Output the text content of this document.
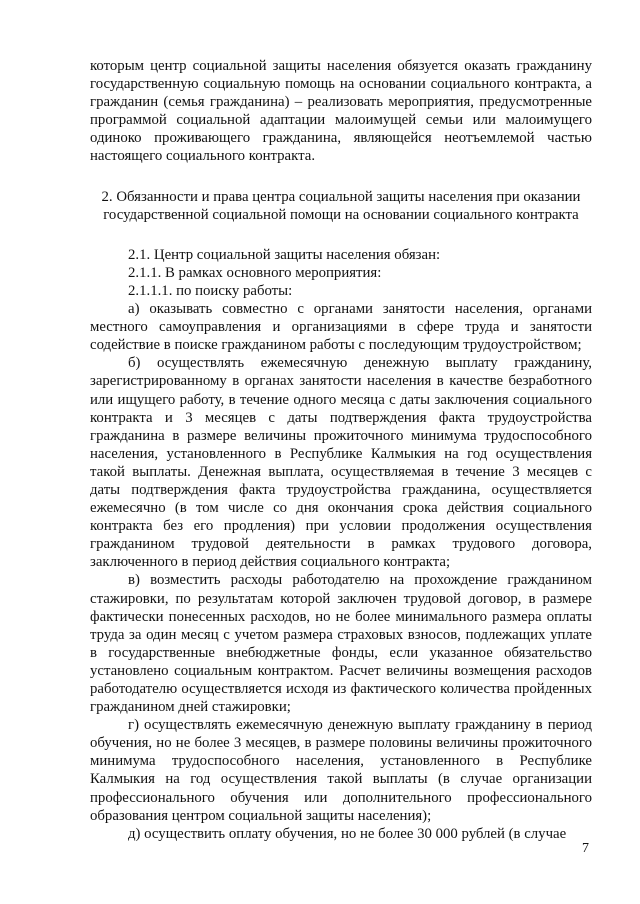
которым центр социальной защиты населения обязуется оказать гражданину государственную социальную помощь на основании социального контракта, а гражданин (семья гражданина) – реализовать мероприятия, предусмотренные программой социальной адаптации малоимущей семьи или малоимущего одиноко проживающего гражданина, являющейся неотъемлемой частью настоящего социального контракта.

2. Обязанности и права центра социальной защиты населения при оказании государственной социальной помощи на основании социального контракта

2.1. Центр социальной защиты населения обязан:

2.1.1. В рамках основного мероприятия:

2.1.1.1. по поиску работы:

а) оказывать совместно с органами занятости населения, органами местного самоуправления и организациями в сфере труда и занятости содействие в поиске гражданином работы с последующим трудоустройством;

б) осуществлять ежемесячную денежную выплату гражданину, зарегистрированному в органах занятости населения в качестве безработного или ищущего работу, в течение одного месяца с даты заключения социального контракта и 3 месяцев с даты подтверждения факта трудоустройства гражданина в размере величины прожиточного минимума трудоспособного населения, установленного в Республике Калмыкия на год осуществления такой выплаты. Денежная выплата, осуществляемая в течение 3 месяцев с даты подтверждения факта трудоустройства гражданина, осуществляется ежемесячно (в том числе со дня окончания срока действия социального контракта без его продления) при условии продолжения осуществления гражданином трудовой деятельности в рамках трудового договора, заключенного в период действия социального контракта;

в) возместить расходы работодателю на прохождение гражданином стажировки, по результатам которой заключен трудовой договор, в размере фактически понесенных расходов, но не более минимального размера оплаты труда за один месяц с учетом размера страховых взносов, подлежащих уплате в государственные внебюджетные фонды, если указанное обязательство установлено социальным контрактом. Расчет величины возмещения расходов работодателю осуществляется исходя из фактического количества пройденных гражданином дней стажировки;

г) осуществлять ежемесячную денежную выплату гражданину в период обучения, но не более 3 месяцев, в размере половины величины прожиточного минимума трудоспособного населения, установленного в Республике Калмыкия на год осуществления такой выплаты (в случае организации профессионального обучения или дополнительного профессионального образования центром социальной защиты населения);

д) осуществить оплату обучения, но не более 30 000 рублей (в случае

7
